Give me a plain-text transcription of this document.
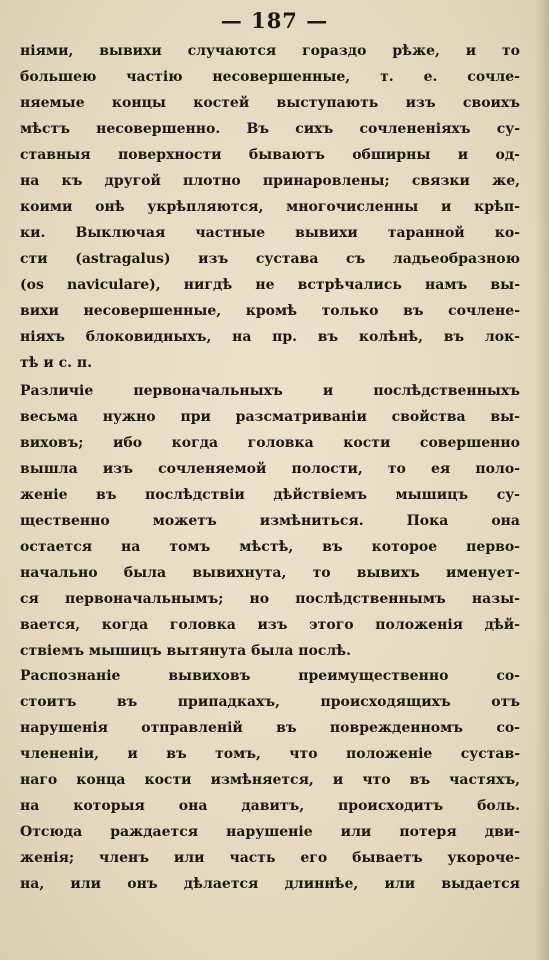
— 187 —
ніями, вывихи случаются гораздо рѣже, и то
большею частію несовершенные, т. е. сочле-
няемые концы костей выступають изъ своихъ
мѣстъ несовершенно. Въ сихъ сочлененіяхъ су-
ставныя поверхности бываютъ обширны и од-
на къ другой плотно принаровлены; связки же,
коими онѣ укрѣпляются, многочисленны и крѣп-
ки. Выключая частные вывихи таранной ко-
сти (astragalus) изъ сустава съ ладьеобразною
(os naviculare), нигдѣ не встрѣчались намъ вы-
вихи несовершенные, кромѣ только въ сочлене-
ніяхъ блоковидныхъ, на пр. въ колѣнѣ, въ лок-
тѣ и с. п.
Различіе первоначальныхъ и послѣдственныхъ
весьма нужно при разсматриваніи свойства вы-
виховъ; ибо когда головка кости совершенно
вышла изъ сочленяемой полости, то ея поло-
женіе въ послѣдствіи дѣйствіемъ мышицъ су-
щественно можетъ измѣниться. Пока она
остается на томъ мѣстѣ, въ которое перво-
начально была вывихнута, то вывихъ именует-
ся первоначальнымъ; но послѣдственнымъ назы-
вается, когда головка изъ этого положенія дѣй-
ствіемъ мышицъ вытянута была послѣ.
Распознаніе вывиховъ преимущественно со-
стоитъ въ припадкахъ, происходящихъ отъ
нарушенія отправленій въ поврежденномъ со-
члененіи, и въ томъ, что положеніе сустав-
наго конца кости измѣняется, и что въ частяхъ,
на которыя она давитъ, происходитъ боль.
Отсюда раждается нарушеніе или потеря дви-
женія; членъ или часть его бываетъ укороче-
на, или онъ дѣлается длиннѣе, или выдается
